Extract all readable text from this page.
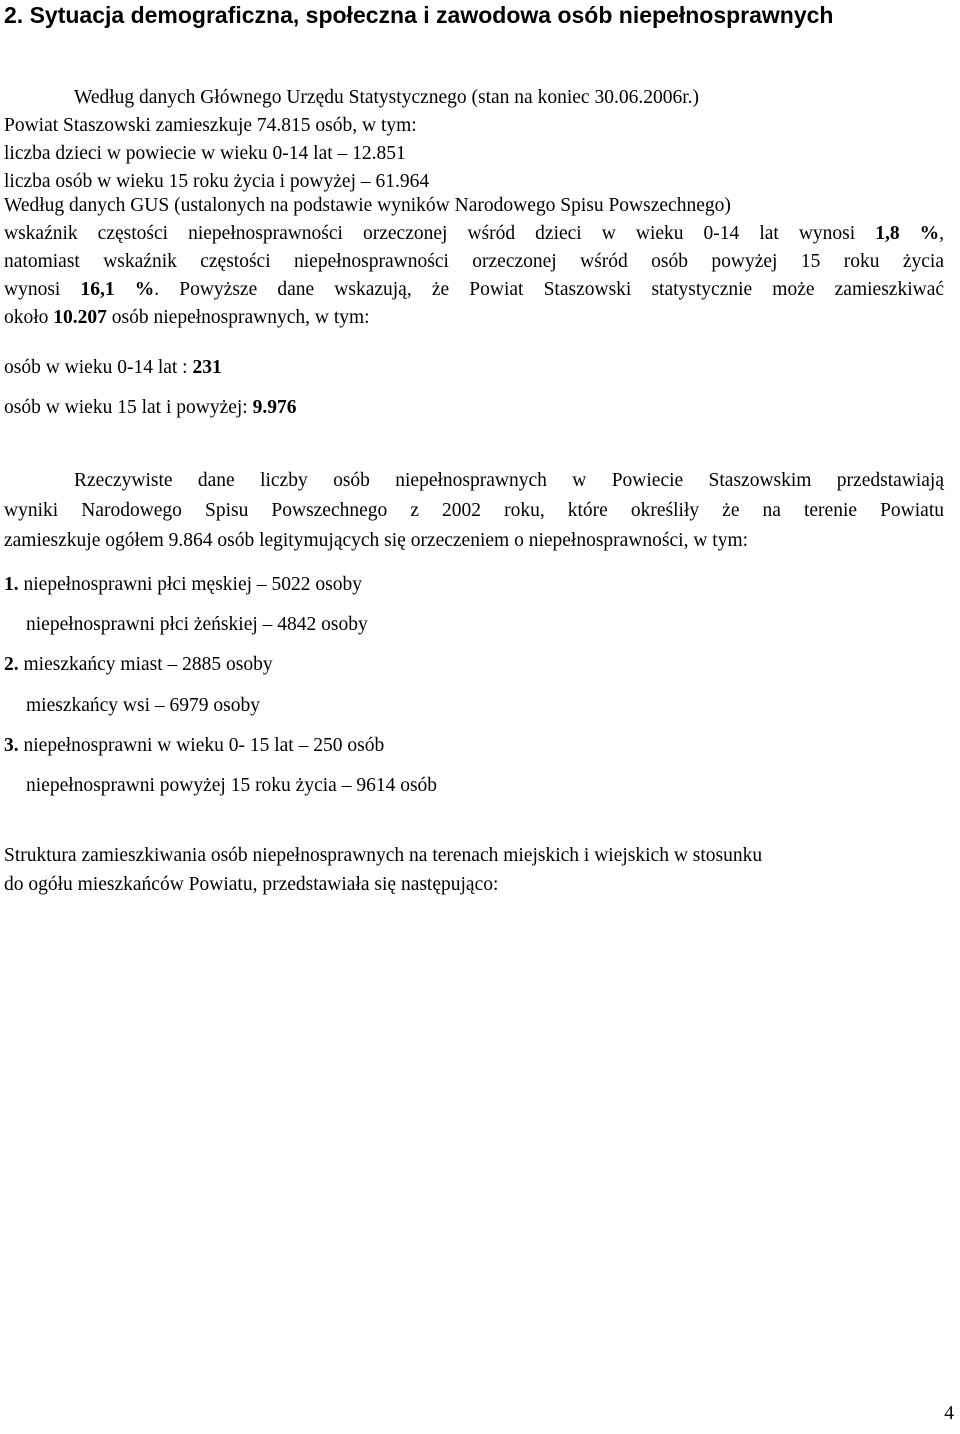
2. Sytuacja demograficzna, społeczna i zawodowa osób niepełnosprawnych
Według danych Głównego Urzędu Statystycznego (stan na koniec 30.06.2006r.)
Powiat Staszowski zamieszkuje 74.815 osób, w tym:
liczba dzieci w powiecie w wieku 0-14 lat – 12.851
liczba osób w wieku 15 roku życia i powyżej – 61.964
Według danych GUS (ustalonych na podstawie wyników Narodowego Spisu Powszechnego)
wskaźnik częstości niepełnosprawności orzeczonej wśród dzieci w wieku 0-14 lat wynosi 1,8 %,
natomiast wskaźnik częstości niepełnosprawności orzeczonej wśród osób powyżej 15 roku życia
wynosi 16,1 %. Powyższe dane wskazują, że Powiat Staszowski statystycznie może zamieszkiwać
około 10.207 osób niepełnosprawnych, w tym:
osób w wieku 0-14 lat : 231
osób w wieku 15 lat i powyżej: 9.976
Rzeczywiste dane liczby osób niepełnosprawnych w Powiecie Staszowskim przedstawiają
wyniki Narodowego Spisu Powszechnego z 2002 roku, które określiły że na terenie Powiatu
zamieszkuje ogółem 9.864 osób legitymujących się orzeczeniem o niepełnosprawności, w tym:
1. niepełnosprawni płci męskiej – 5022 osoby
niepełnosprawni płci żeńskiej – 4842 osoby
2. mieszkańcy miast – 2885 osoby
mieszkańcy wsi – 6979 osoby
3. niepełnosprawni w wieku 0- 15 lat – 250 osób
niepełnosprawni powyżej 15 roku życia – 9614 osób
Struktura zamieszkiwania osób niepełnosprawnych na terenach miejskich i wiejskich w stosunku
do ogółu mieszkańców Powiatu, przedstawiała się następująco:
4
